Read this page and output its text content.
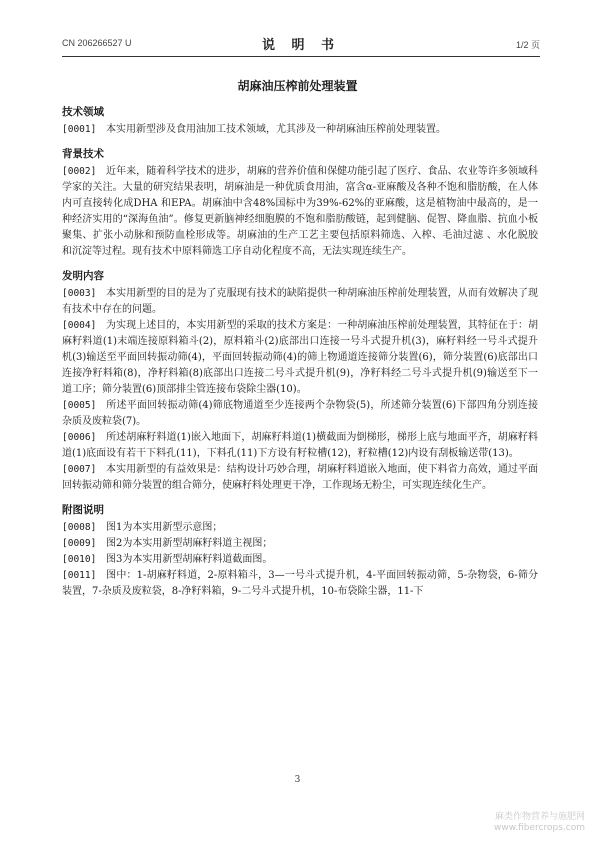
CN 206266527 U	说 明 书	1/2 页
胡麻油压榨前处理装置
技术领域

[0001] 本实用新型涉及食用油加工技术领域，尤其涉及一种胡麻油压榨前处理装置。

背景技术

[0002] 近年来，随着科学技术的进步，胡麻的营养价值和保健功能引起了医疗、食品、农业等许多领域科学家的关注。大量的研究结果表明，胡麻油是一种优质食用油，富含α-亚麻酸及各种不饱和脂肪酸，在人体内可直接转化成DHA 和EPA。胡麻油中含48%国标中为39%-62%的亚麻酸，这是植物油中最高的，是一种经济实用的“深海鱼油”。修复更新脑神经细胞膜的不饱和脂肪酸链，起到健脑、促智、降血脂、抗血小板聚集、扩张小动脉和预防血栓形成等。胡麻油的生产工艺主要包括原料筛选、入榨、毛油过滤 、水化脱胶 和沉淀等过程。现有技术中原料筛选工序自动化程度不高，无法实现连续生产。

发明内容

[0003] 本实用新型的目的是为了克服现有技术的缺陷提供一种胡麻油压榨前处理装置，从而有效解决了现有技术中存在的问题。

[0004] 为实现上述目的，本实用新型的采取的技术方案是：一种胡麻油压榨前处理装置，其特征在于：胡麻籽料道(1)末端连接原料箱斗(2)，原料箱斗(2)底部出口连接一号斗式提升机(3)，麻籽料经一号斗式提升机(3)输送至平面回转振动筛(4)，平面回转振动筛(4)的筛上物通道连接筛分装置(6)，筛分装置(6)底部出口连接净籽料箱(8)，净籽料箱(8)底部出口连接二号斗式提升机(9)，净籽料经二号斗式提升机(9)输送至下一道工序；筛分装置(6)顶部排尘管连接布袋除尘器(10)。

[0005] 所述平面回转振动筛(4)筛底物通道至少连接两个杂物袋(5)，所述筛分装置(6)下部四角分别连接杂质及废粒袋(7)。

[0006] 所述胡麻籽料道(1)嵌入地面下，胡麻籽料道(1)横截面为倒梯形，梯形上底与地面平齐，胡麻籽料道(1)底面设有若干下料孔(11)，下料孔(11)下方设有籽粒槽(12)，籽粒槽(12)内设有刮板输送带(13)。

[0007] 本实用新型的有益效果是：结构设计巧妙合理，胡麻籽料道嵌入地面，使下料省力高效，通过平面回转振动筛和筛分装置的组合筛分，使麻籽料处理更干净，工作现场无粉尘，可实现连续化生产。

附图说明

[0008] 图1为本实用新型示意图；

[0009] 图2为本实用新型胡麻籽料道主视图；

[0010] 图3为本实用新型胡麻籽料道截面图。

[0011] 图中：1-胡麻籽料道，2-原料箱斗，3—一号斗式提升机，4-平面回转振动筛，5-杂物袋，6-筛分装置，7-杂质及废粒袋，8-净籽料箱，9-二号斗式提升机，10-布袋除尘器，11-下

3
麻类作物营养与施肥网
www.fibercrops.com
